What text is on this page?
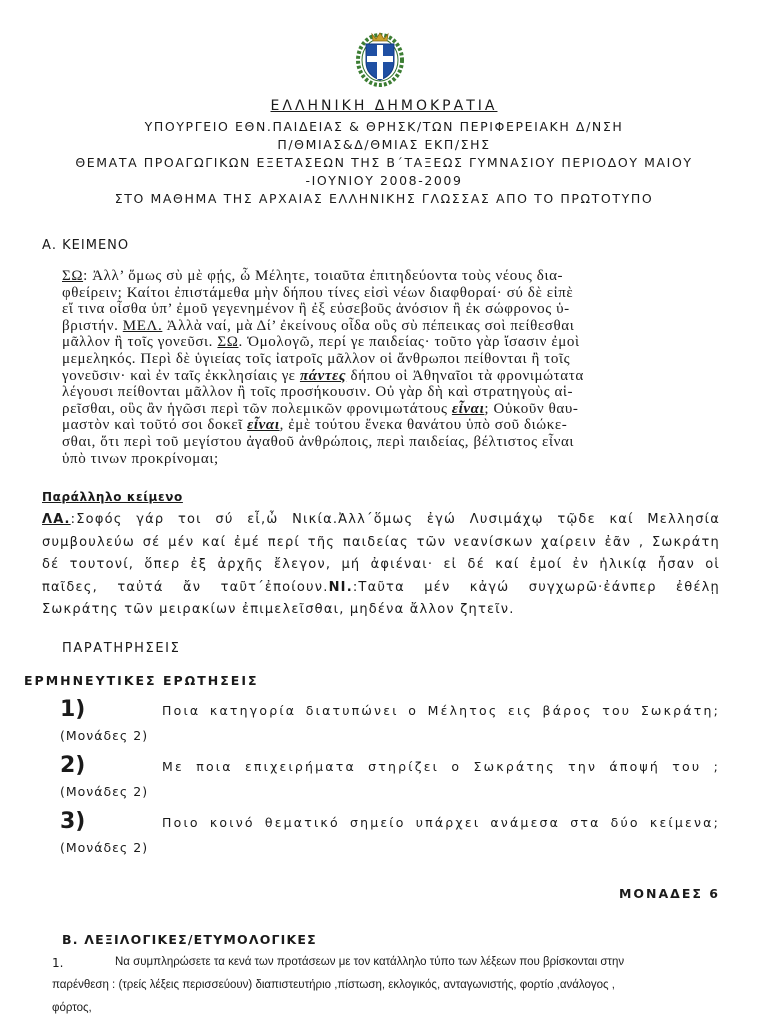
ΕΛΛΗΝΙΚΗ ΔΗΜΟΚΡΑΤΙΑ
ΥΠΟΥΡΓΕΙΟ ΕΘΝ.ΠΑΙΔΕΙΑΣ & ΘΡΗΣΚ/ΤΩΝ ΠΕΡΙΦΕΡΕΙΑΚΗ Δ/ΝΣΗ
Π/ΘΜΙΑΣ&Δ/ΘΜΙΑΣ ΕΚΠ/ΣΗΣ
ΘΕΜΑΤΑ ΠΡΟΑΓΩΓΙΚΩΝ ΕΞΕΤΑΣΕΩΝ ΤΗΣ Β΄ΤΑΞΕΩΣ ΓΥΜΝΑΣΙΟΥ ΠΕΡΙΟΔΟΥ ΜΑΙΟΥ
-ΙΟΥΝΙΟΥ 2008-2009
ΣΤΟ ΜΑΘΗΜΑ ΤΗΣ ΑΡΧΑΙΑΣ ΕΛΛΗΝΙΚΗΣ ΓΛΩΣΣΑΣ ΑΠΟ ΤΟ ΠΡΩΤΟΤΥΠΟ
Α. ΚΕΙΜΕΝΟ
ΣΩ: Ἀλλ’ ὅμως σὺ μὲ φῄς, ὦ Μέλητε, τοιαῦτα ἐπιτηδεύοντα τοὺς νέους δια-
φθείρειν; Καίτοι ἐπιστάμεθα μὴν δήπου τίνες εἰσὶ νέων διαφθοραί· σύ δὲ εἰπὲ
εἴ τινα οἶσθα ὑπ’ ἐμοῦ γεγενημένον ἢ ἐξ εὐσεβοῦς ἀνόσιον ἢ ἐκ σώφρονος ὑ-
βριστήν. ΜΕΛ. Ἀλλὰ ναί, μὰ Δί’ ἐκείνους οἶδα οὓς σὺ πέπεικας σοὶ πείθεσθαι
μᾶλλον ἢ τοῖς γονεῦσι. ΣΩ. Ὁμολογῶ, περί γε παιδείας· τοῦτο γὰρ ἴσασιν ἐμοὶ
μεμεληκός. Περὶ δὲ ὑγιείας τοῖς ἰατροῖς μᾶλλον οἱ ἄνθρωποι πείθονται ἢ τοῖς
γονεῦσιν· καὶ ἐν ταῖς ἐκκλησίαις γε πάντες δήπου οἱ Ἀθηναῖοι τὰ φρονιμώτατα
λέγουσι πείθονται μᾶλλον ἢ τοῖς προσήκουσιν. Οὐ γὰρ δὴ καὶ στρατηγοὺς αἱ-
ρεῖσθαι, οὓς ἂν ἡγῶσι περὶ τῶν πολεμικῶν φρονιμωτάτους εἶναι; Οὐκοῦν θαυ-
μαστὸν καὶ τοῦτό σοι δοκεῖ εἶναι, ἐμὲ τούτου ἕνεκα θανάτου ὑπὸ σοῦ διώκε-
σθαι, ὅτι περὶ τοῦ μεγίστου ἀγαθοῦ ἀνθρώποις, περὶ παιδείας, βέλτιστος εἶναι
ὑπὸ τινων προκρίνομαι;
Παράλληλο κείμενο
ΛΑ.:Σοφός γάρ τοι σύ εἶ,ὦ Νικία.Ἀλλ΄ὅμως ἐγώ Λυσιμάχῳ τῷδε καί Μελλησία
συμβουλεύω σέ μέν καί ἐμέ περί τῆς παιδείας τῶν νεανίσκων χαίρειν ἐᾶν , Σωκράτη
δέ τουτονί, ὅπερ ἐξ ἀρχῆς ἔλεγον, μή ἀφιέναι· εἰ δέ καί ἐμοί ἐν ἡλικίᾳ ἦσαν οἱ
παῖδες, ταὐτά ἄν ταῦτ΄ἐποίουν.ΝΙ.:Ταῦτα μέν κἀγώ συγχωρῶ·ἐάνπερ ἐθέλῃ
Σωκράτης τῶν μειρακίων ἐπιμελεῖσθαι, μηδένα ἄλλον ζητεῖν.
ΠΑΡΑΤΗΡΗΣΕΙΣ
ΕΡΜΗΝΕΥΤΙΚΕΣ ΕΡΩΤΗΣΕΙΣ
1)	Ποια κατηγορία διατυπώνει ο Μέλητος εις βάρος του Σωκράτη;
(Μονάδες 2)
2)	Με ποια επιχειρήματα στηρίζει ο Σωκράτης την άποψή του ;
(Μονάδες 2)
3)	Ποιο κοινό θεματικό σημείο υπάρχει ανάμεσα στα δύο κείμενα;
(Μονάδες 2)
ΜΟΝΑΔΕΣ 6
Β. ΛΕΞΙΛΟΓΙΚΕΣ/ΕΤΥΜΟΛΟΓΙΚΕΣ
1.	Να συμπληρώσετε τα κενά των προτάσεων με τον κατάλληλο τύπο των λέξεων που βρίσκονται στην
παρένθεση : (τρείς λέξεις περισσεύουν) διαπιστευτήριο ,πίστωση, εκλογικός, ανταγωνιστής, φορτίο ,ανάλογος ,
φόρτος,
